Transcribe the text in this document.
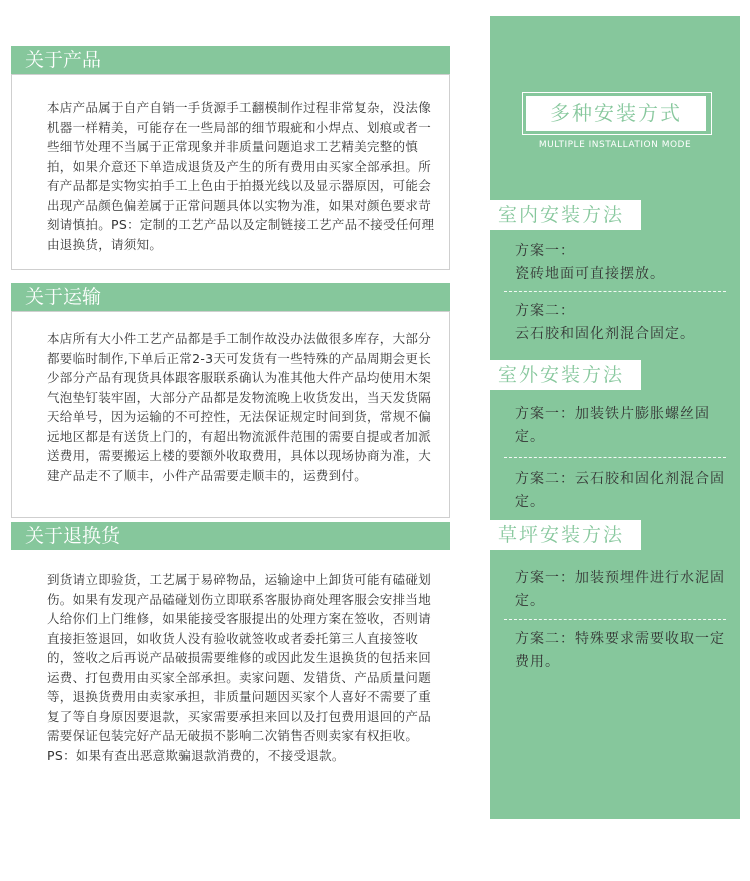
关于产品
本店产品属于自产自销一手货源手工翻模制作过程非常复杂，没法像机器一样精美，可能存在一些局部的细节瑕疵和小焊点、划痕或者一些细节处理不当属于正常现象并非质量问题追求工艺精美完整的慎拍，如果介意还下单造成退货及产生的所有费用由买家全部承担。所有产品都是实物实拍手工上色由于拍摄光线以及显示器原因，可能会出现产品颜色偏差属于正常问题具体以实物为准，如果对颜色要求苛刻请慎拍。PS：定制的工艺产品以及定制链接工艺产品不接受任何理由退换货，请须知。
关于运输
本店所有大小件工艺产品都是手工制作故没办法做很多库存，大部分都要临时制作,下单后正常2-3天可发货有一些特殊的产品周期会更长少部分产品有现货具体跟客服联系确认为准其他大件产品均使用木架气泡垫钉装牢固，大部分产品都是发物流晚上收货发出，当天发货隔天给单号，因为运输的不可控性，无法保证规定时间到货，常规不偏远地区都是有送货上门的，有超出物流派件范围的需要自提或者加派送费用，需要搬运上楼的要额外收取费用，具体以现场协商为准，大建产品走不了顺丰，小件产品需要走顺丰的，运费到付。
关于退换货
到货请立即验货，工艺属于易碎物品，运输途中上卸货可能有磕碰划伤。如果有发现产品磕碰划伤立即联系客服协商处理客服会安排当地人给你们上门维修，如果能接受客服提出的处理方案在签收，否则请直接拒签退回，如收货人没有验收就签收或者委托第三人直接签收的，签收之后再说产品破损需要维修的或因此发生退换货的包括来回运费、打包费用由买家全部承担。卖家问题、发错货、产品质量问题等，退换货费用由卖家承担，非质量问题因买家个人喜好不需要了重复了等自身原因要退款，买家需要承担来回以及打包费用退回的产品需要保证包装完好产品无破损不影响二次销售否则卖家有权拒收。PS：如果有查出恶意欺骗退款消费的，不接受退款。
多种安装方式
MULTIPLE INSTALLATION MODE
室内安装方法
方案一：
瓷砖地面可直接摆放。
方案二：
云石胶和固化剂混合固定。
室外安装方法
方案一：加装铁片膨胀螺丝固定。
方案二：云石胶和固化剂混合固定。
草坪安装方法
方案一：加装预埋件进行水泥固定。
方案二：特殊要求需要收取一定费用。
